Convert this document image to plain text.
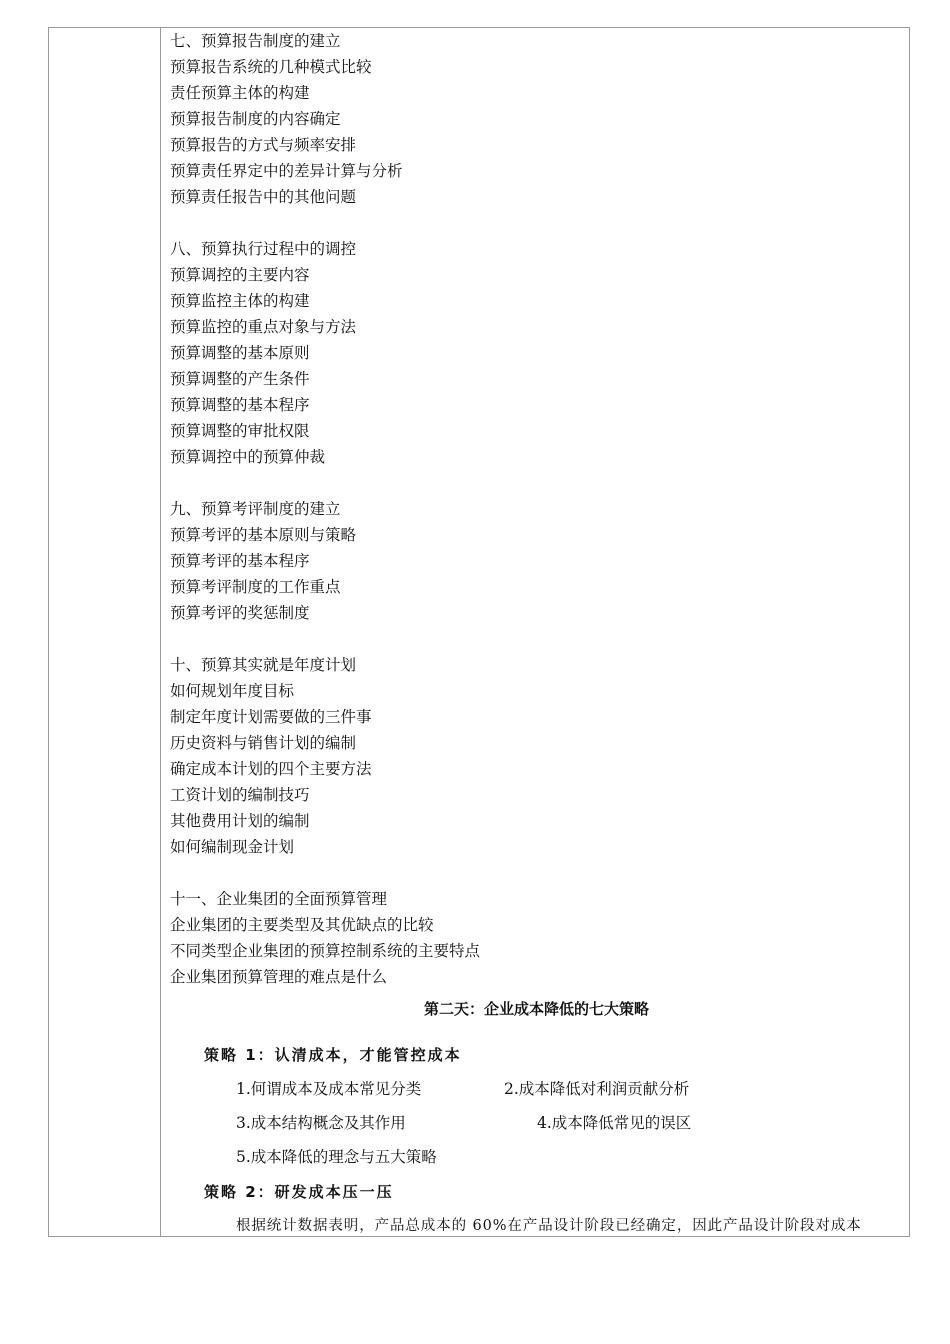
七、预算报告制度的建立
预算报告系统的几种模式比较
责任预算主体的构建
预算报告制度的内容确定
预算报告的方式与频率安排
预算责任界定中的差异计算与分析
预算责任报告中的其他问题
八、预算执行过程中的调控
预算调控的主要内容
预算监控主体的构建
预算监控的重点对象与方法
预算调整的基本原则
预算调整的产生条件
预算调整的基本程序
预算调整的审批权限
预算调控中的预算仲裁
九、预算考评制度的建立
预算考评的基本原则与策略
预算考评的基本程序
预算考评制度的工作重点
预算考评的奖惩制度
十、预算其实就是年度计划
如何规划年度目标
制定年度计划需要做的三件事
历史资料与销售计划的编制
确定成本计划的四个主要方法
工资计划的编制技巧
其他费用计划的编制
如何编制现金计划
十一、企业集团的全面预算管理
企业集团的主要类型及其优缺点的比较
不同类型企业集团的预算控制系统的主要特点
企业集团预算管理的难点是什么
第二天：企业成本降低的七大策略
策略 1：认清成本，才能管控成本
1.何谓成本及成本常见分类	2.成本降低对利润贡献分析
3.成本结构概念及其作用	4.成本降低常见的误区
5.成本降低的理念与五大策略
策略 2：研发成本压一压
根据统计数据表明，产品总成本的 60%在产品设计阶段已经确定，因此产品设计阶段对成本
